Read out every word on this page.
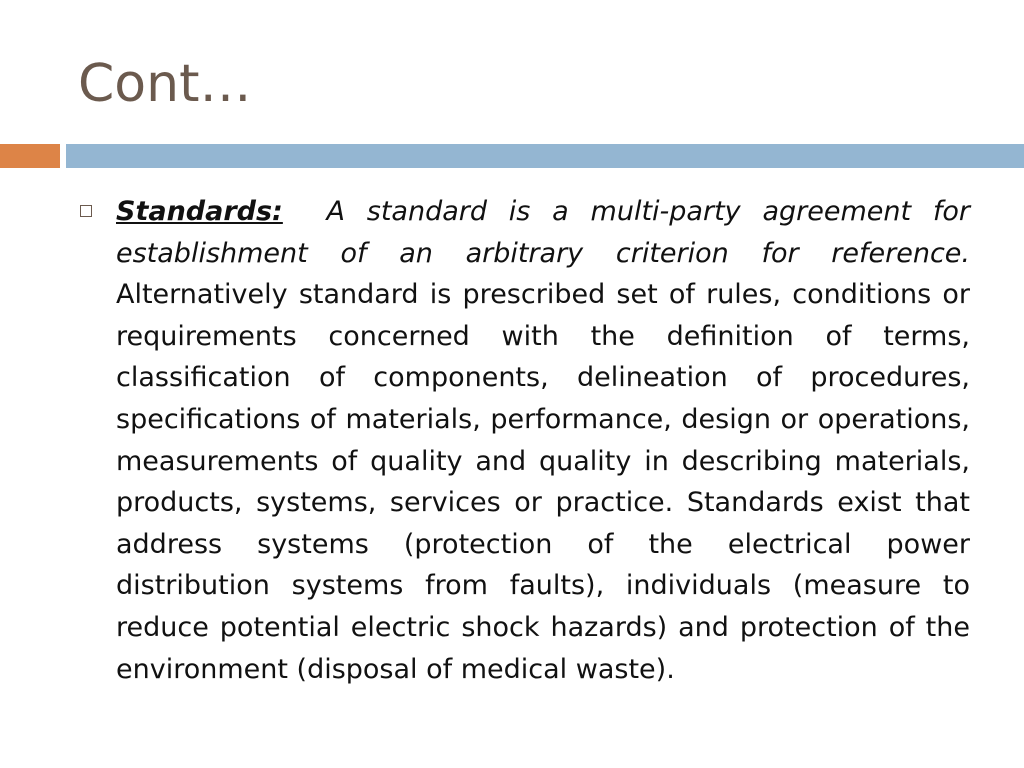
Cont…
Standards: A standard is a multi-party agreement for establishment of an arbitrary criterion for reference. Alternatively standard is prescribed set of rules, conditions or requirements concerned with the definition of terms, classification of components, delineation of procedures, specifications of materials, performance, design or operations, measurements of quality and quality in describing materials, products, systems, services or practice. Standards exist that address systems (protection of the electrical power distribution systems from faults), individuals (measure to reduce potential electric shock hazards) and protection of the environment (disposal of medical waste).
